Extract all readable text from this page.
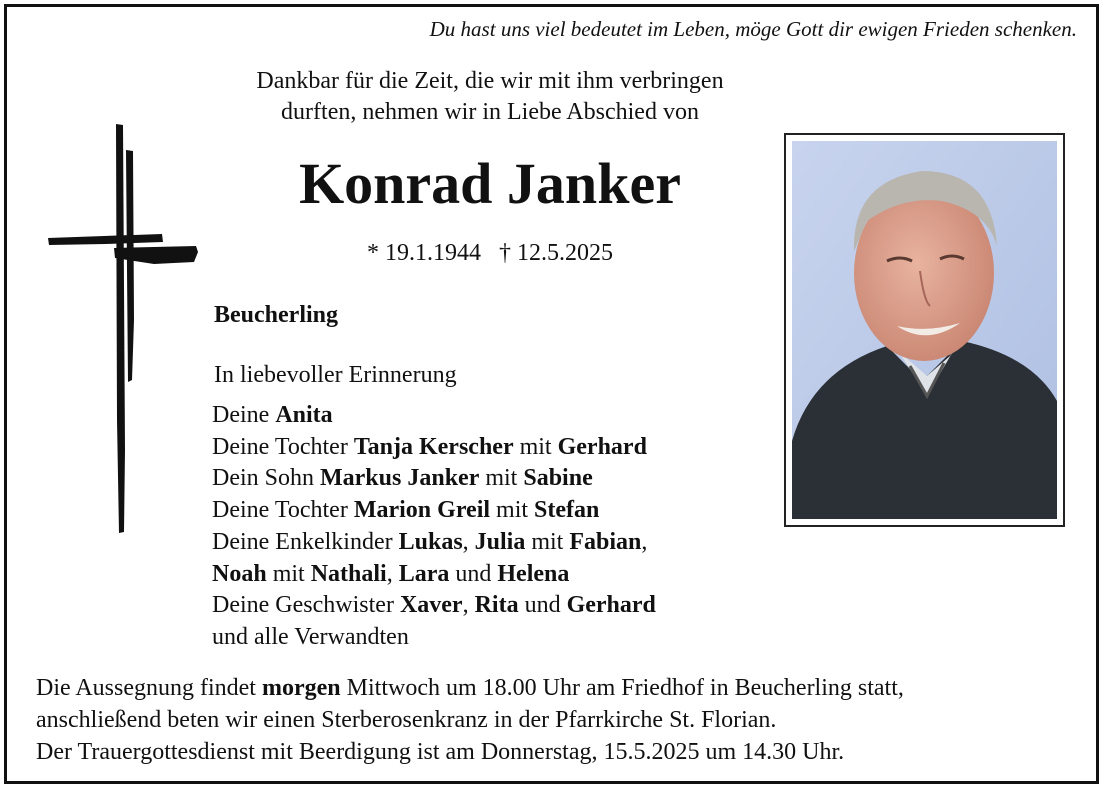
Du hast uns viel bedeutet im Leben, möge Gott dir ewigen Frieden schenken.
Dankbar für die Zeit, die wir mit ihm verbringen
durften, nehmen wir in Liebe Abschied von
Konrad Janker
* 19.1.1944 † 12.5.2025
Beucherling
In liebevoller Erinnerung
Deine Anita
Deine Tochter Tanja Kerscher mit Gerhard
Dein Sohn Markus Janker mit Sabine
Deine Tochter Marion Greil mit Stefan
Deine Enkelkinder Lukas, Julia mit Fabian,
Noah mit Nathali, Lara und Helena
Deine Geschwister Xaver, Rita und Gerhard
und alle Verwandten
Die Aussegnung findet morgen Mittwoch um 18.00 Uhr am Friedhof in Beucherling statt,
anschließend beten wir einen Sterberosenkranz in der Pfarrkirche St. Florian.
Der Trauergottesdienst mit Beerdigung ist am Donnerstag, 15.5.2025 um 14.30 Uhr.
